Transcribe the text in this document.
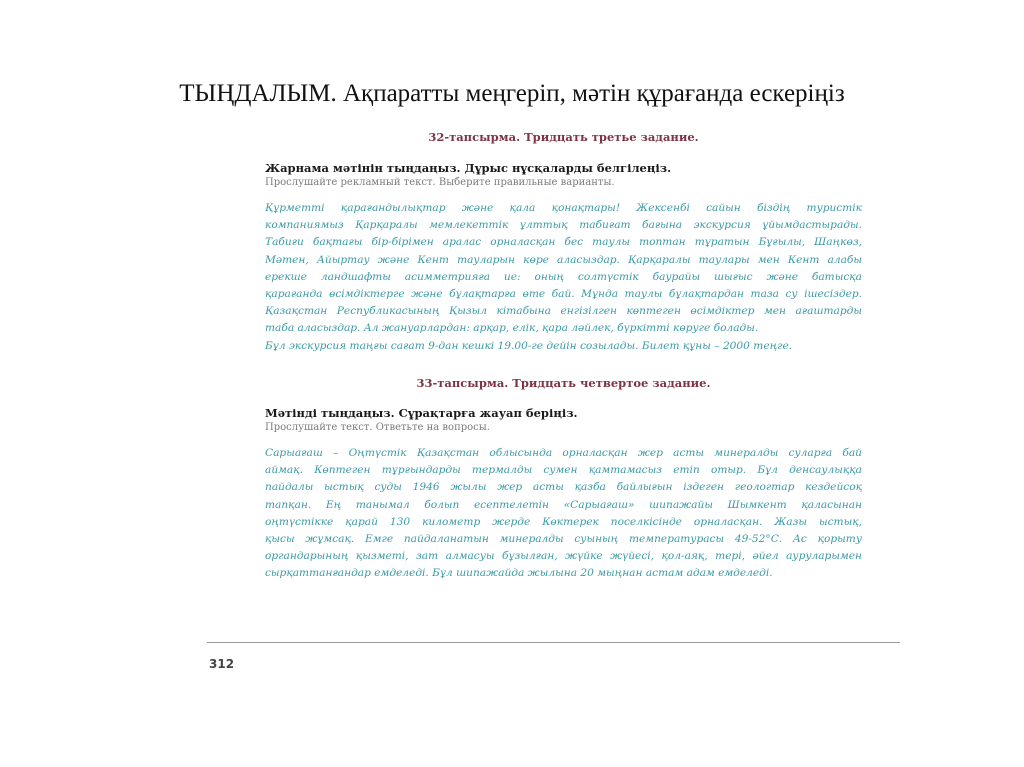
ТЫҢДАЛЫМ. Ақпаратты меңгеріп, мәтін құрағанда ескеріңіз
32-тапсырма. Тридцать третье задание.
Жарнама мәтінін тыңдаңыз. Дұрыс нұсқаларды белгілеңіз.
Прослушайте рекламный текст. Выберите правильные варианты.
Құрметті қарағандылықтар және қала қонақтары! Жексенбі сайын біздің туристік
компаниямыз Қарқаралы мемлекеттік ұлттық табиғат бағына экскурсия ұйымдастырады.
Табиғи бақтағы бір-бірімен аралас орналасқан бес таулы топтан тұратын Бұғылы, Шаңкөз,
Мәтен, Айыртау және Кент тауларын көре аласыздар. Қарқаралы таулары мен Кент алабы
ерекше ландшафты асимметрияға ие: оның солтүстік баурайы шығыс және батысқа
қарағанда өсімдіктерге және бұлақтарға өте бай. Мұнда таулы бұлақтардан таза су ішесіздер.
Қазақстан Республикасының Қызыл кітабына енгізілген көптеген өсімдіктер мен ағаштарды
таба аласыздар. Ал жануарлардан: арқар, елік, қара лəйлек, бүркітті көруге болады.
Бұл экскурсия таңғы сағат 9-дан кешкі 19.00-ге дейін созылады. Билет құны – 2000 теңге.
33-тапсырма. Тридцать четвертое задание.
Мәтінді тыңдаңыз. Сұрақтарға жауап беріңіз.
Прослушайте текст. Ответьте на вопросы.
Сарыағаш – Оңтүстік Қазақстан облысында орналасқан жер асты минералды суларға бай
аймақ. Көптеген тұрғындарды термалды сумен қамтамасыз етіп отыр. Бұл денсаулыққа
пайдалы ыстық суды 1946 жылы жер асты қазба байлығын іздеген геологтар кездейсоқ
тапқан. Ең танымал болып есептелетін «Сарыағаш» шипажайы Шымкент қаласынан
оңтүстікке қарай 130 километр жерде Көктерек поселкісінде орналасқан. Жазы ыстық,
қысы жұмсақ. Емге пайдаланатын минералды суының температурасы 49-52°С. Ас қорыту
органдарының қызметі, зат алмасуы бұзылған, жүйке жүйесі, қол-аяқ, тері, әйел ауруларымен
сырқаттанғандар емделеді. Бұл шипажайда жылына 20 мыңнан астам адам емделеді.
312
